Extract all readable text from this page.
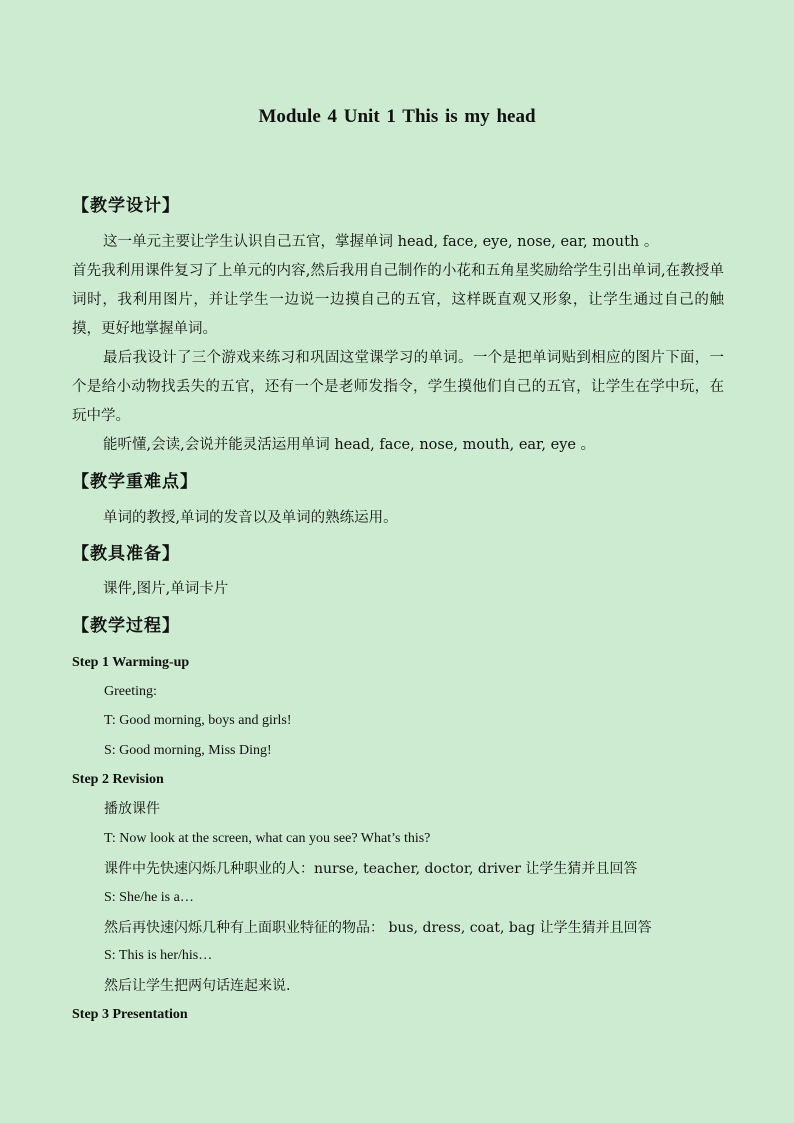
Module 4 Unit 1 This is my head
【教学设计】
这一单元主要让学生认识自己五官，掌握单词 head, face, eye, nose, ear, mouth 。
首先我利用课件复习了上单元的内容,然后我用自己制作的小花和五角星奖励给学生引出单词,在教授单词时，我利用图片，并让学生一边说一边摸自己的五官，这样既直观又形象，让学生通过自己的触摸，更好地掌握单词。
最后我设计了三个游戏来练习和巩固这堂课学习的单词。一个是把单词贴到相应的图片下面，一个是给小动物找丢失的五官，还有一个是老师发指令，学生摸他们自己的五官，让学生在学中玩，在玩中学。
能听懂,会读,会说并能灵活运用单词 head, face, nose, mouth, ear, eye 。
【教学重难点】
单词的教授,单词的发音以及单词的熟练运用。
【教具准备】
课件,图片,单词卡片
【教学过程】
Step 1 Warming-up
Greeting:
T: Good morning, boys and girls!
S: Good morning, Miss Ding!
Step 2 Revision
播放课件
T: Now look at the screen, what can you see? What’s this?
课件中先快速闪烁几种职业的人：nurse, teacher, doctor, driver 让学生猜并且回答
S: She/he is a…
然后再快速闪烁几种有上面职业特征的物品： bus, dress, coat, bag 让学生猜并且回答
S: This is her/his…
然后让学生把两句话连起来说.
Step 3 Presentation
